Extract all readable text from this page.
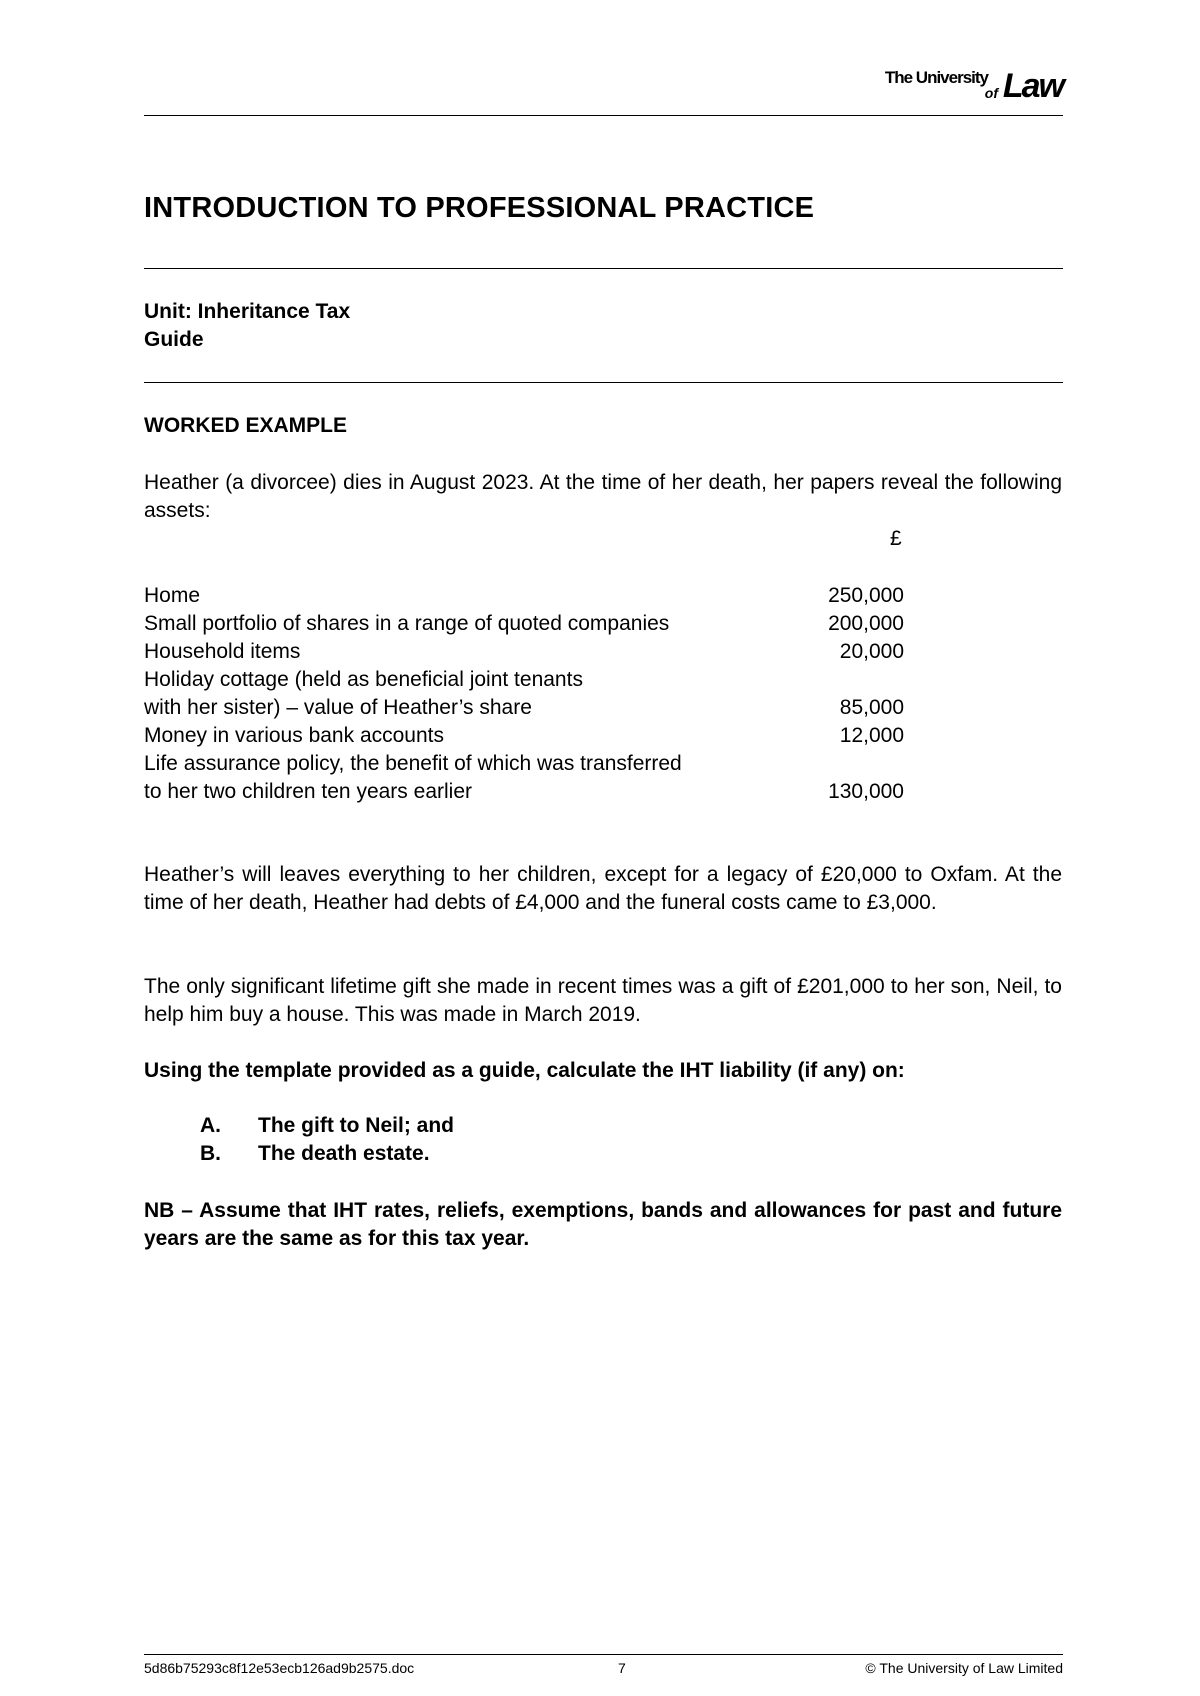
The University
of Law
INTRODUCTION TO PROFESSIONAL PRACTICE
Unit: Inheritance Tax
Guide
WORKED EXAMPLE
Heather (a divorcee) dies in August 2023. At the time of her death, her papers reveal the following assets:
£
Home	250,000
Small portfolio of shares in a range of quoted companies	200,000
Household items	20,000
Holiday cottage (held as beneficial joint tenants
with her sister) – value of Heather’s share	85,000
Money in various bank accounts	12,000
Life assurance policy, the benefit of which was transferred
to her two children ten years earlier	130,000
Heather’s will leaves everything to her children, except for a legacy of £20,000 to Oxfam. At the time of her death, Heather had debts of £4,000 and the funeral costs came to £3,000.
The only significant lifetime gift she made in recent times was a gift of £201,000 to her son, Neil, to help him buy a house. This was made in March 2019.
Using the template provided as a guide, calculate the IHT liability (if any) on:
A.	The gift to Neil; and
B.	The death estate.
NB – Assume that IHT rates, reliefs, exemptions, bands and allowances for past and future years are the same as for this tax year.
5d86b75293c8f12e53ecb126ad9b2575.doc	7	© The University of Law Limited
